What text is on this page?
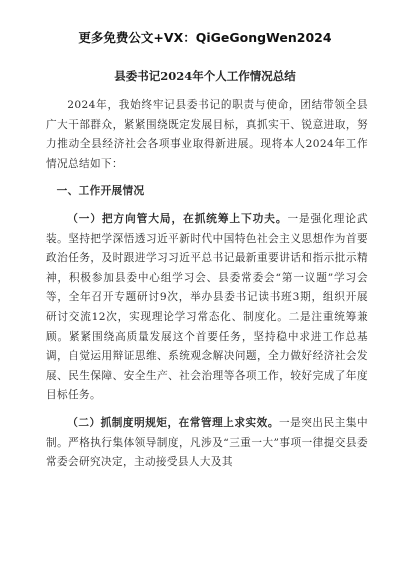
更多免费公文+VX：QiGeGongWen2024
县委书记2024年个人工作情况总结

2024年，我始终牢记县委书记的职责与使命，团结带领全县广大干部群众，紧紧围绕既定发展目标，真抓实干、锐意进取，努力推动全县经济社会各项事业取得新进展。现将本人2024年工作情况总结如下：

一、工作开展情况

（一）把方向管大局，在抓统筹上下功夫。一是强化理论武装。坚持把学深悟透习近平新时代中国特色社会主义思想作为首要政治任务，及时跟进学习习近平总书记最新重要讲话和指示批示精神，积极参加县委中心组学习会、县委常委会“第一议题”学习会等，全年召开专题研讨9次，举办县委书记读书班3期，组织开展研讨交流12次，实现理论学习常态化、制度化。二是注重统筹兼顾。紧紧围绕高质量发展这个首要任务，坚持稳中求进工作总基调，自觉运用辩证思维、系统观念解决问题，全力做好经济社会发展、民生保障、安全生产、社会治理等各项工作，较好完成了年度目标任务。

（二）抓制度明规矩，在常管理上求实效。一是突出民主集中制。严格执行集体领导制度，凡涉及“三重一大”事项一律提交县委常委会研究决定，主动接受县人大及其
